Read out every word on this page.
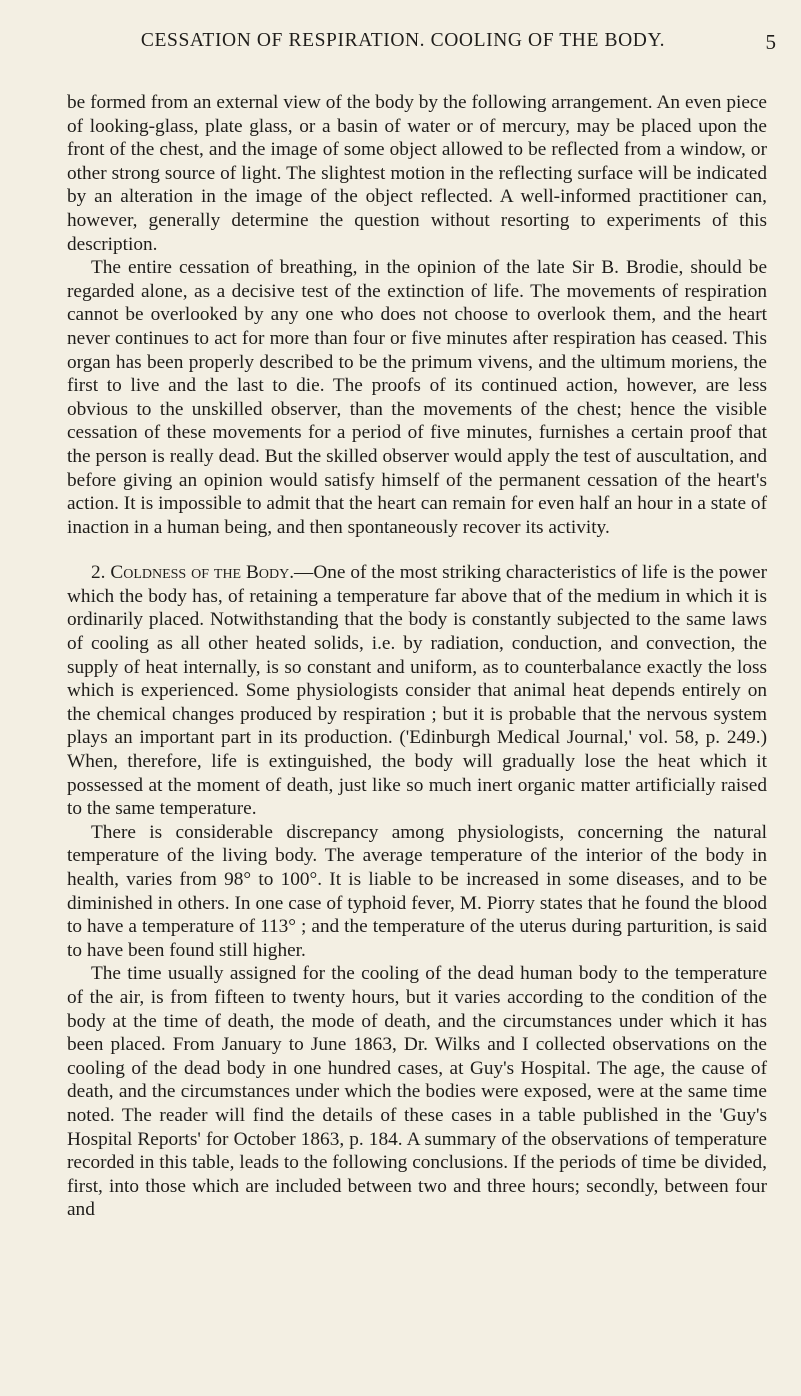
CESSATION OF RESPIRATION. COOLING OF THE BODY.	5

be formed from an external view of the body by the following arrangement. An even piece of looking-glass, plate glass, or a basin of water or of mercury, may be placed upon the front of the chest, and the image of some object allowed to be reflected from a window, or other strong source of light. The slightest motion in the reflecting surface will be indicated by an alteration in the image of the object reflected. A well-informed practitioner can, however, generally determine the question without resorting to experiments of this description.

The entire cessation of breathing, in the opinion of the late Sir B. Brodie, should be regarded alone, as a decisive test of the extinction of life. The movements of respiration cannot be overlooked by any one who does not choose to overlook them, and the heart never continues to act for more than four or five minutes after respiration has ceased. This organ has been properly described to be the primum vivens, and the ultimum moriens, the first to live and the last to die. The proofs of its continued action, however, are less obvious to the unskilled observer, than the movements of the chest; hence the visible cessation of these movements for a period of five minutes, furnishes a certain proof that the person is really dead. But the skilled observer would apply the test of auscultation, and before giving an opinion would satisfy himself of the permanent cessation of the heart's action. It is impossible to admit that the heart can remain for even half an hour in a state of inaction in a human being, and then spontaneously recover its activity.

2. Coldness of the Body.—One of the most striking characteristics of life is the power which the body has, of retaining a temperature far above that of the medium in which it is ordinarily placed. Notwithstanding that the body is constantly subjected to the same laws of cooling as all other heated solids, i.e. by radiation, conduction, and convection, the supply of heat internally, is so constant and uniform, as to counterbalance exactly the loss which is experienced. Some physiologists consider that animal heat depends entirely on the chemical changes produced by respiration ; but it is probable that the nervous system plays an important part in its production. ('Edinburgh Medical Journal,' vol. 58, p. 249.) When, therefore, life is extinguished, the body will gradually lose the heat which it possessed at the moment of death, just like so much inert organic matter artificially raised to the same temperature.

There is considerable discrepancy among physiologists, concerning the natural temperature of the living body. The average temperature of the interior of the body in health, varies from 98° to 100°. It is liable to be increased in some diseases, and to be diminished in others. In one case of typhoid fever, M. Piorry states that he found the blood to have a temperature of 113° ; and the temperature of the uterus during parturition, is said to have been found still higher.

The time usually assigned for the cooling of the dead human body to the temperature of the air, is from fifteen to twenty hours, but it varies according to the condition of the body at the time of death, the mode of death, and the circumstances under which it has been placed. From January to June 1863, Dr. Wilks and I collected observations on the cooling of the dead body in one hundred cases, at Guy's Hospital. The age, the cause of death, and the circumstances under which the bodies were exposed, were at the same time noted. The reader will find the details of these cases in a table published in the 'Guy's Hospital Reports' for October 1863, p. 184. A summary of the observations of temperature recorded in this table, leads to the following conclusions. If the periods of time be divided, first, into those which are included between two and three hours; secondly, between four and
